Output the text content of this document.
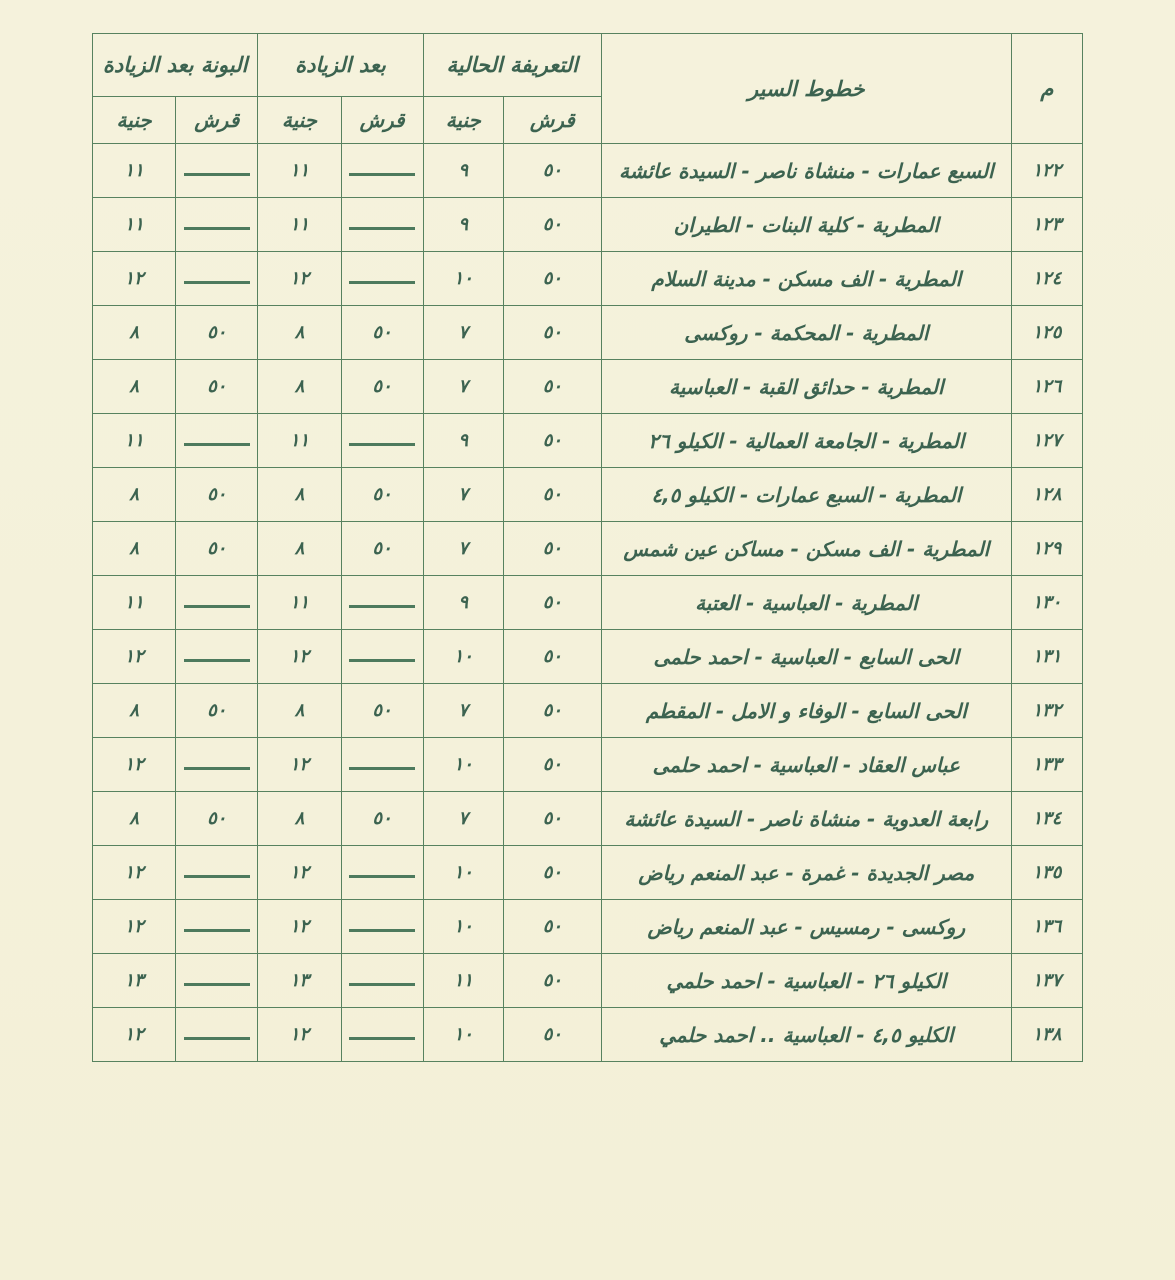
م	خطوط السير	التعريفة الحالية		بعد الزيادة		البونة بعد الزيادة	
		قرش	جنية	قرش	جنية	قرش	جنية
١٢٢	السبع عمارات - منشاة ناصر - السيدة عائشة	٥٠	٩		١١		١١
١٢٣	المطرية - كلية البنات - الطيران	٥٠	٩		١١		١١
١٢٤	المطرية - الف مسكن - مدينة السلام	٥٠	١٠		١٢		١٢
١٢٥	المطرية - المحكمة - روكسى	٥٠	٧	٥٠	٨	٥٠	٨
١٢٦	المطرية - حدائق القبة - العباسية	٥٠	٧	٥٠	٨	٥٠	٨
١٢٧	المطرية - الجامعة العمالية - الكيلو ٢٦	٥٠	٩		١١		١١
١٢٨	المطرية - السبع عمارات - الكيلو ٤,٥	٥٠	٧	٥٠	٨	٥٠	٨
١٢٩	المطرية - الف مسكن - مساكن عين شمس	٥٠	٧	٥٠	٨	٥٠	٨
١٣٠	المطرية - العباسية - العتبة	٥٠	٩		١١		١١
١٣١	الحى السابع - العباسية - احمد حلمى	٥٠	١٠		١٢		١٢
١٣٢	الحى السابع - الوفاء و الامل - المقطم	٥٠	٧	٥٠	٨	٥٠	٨
١٣٣	عباس العقاد - العباسية - احمد حلمى	٥٠	١٠		١٢		١٢
١٣٤	رابعة العدوية - منشاة ناصر - السيدة عائشة	٥٠	٧	٥٠	٨	٥٠	٨
١٣٥	مصر الجديدة - غمرة - عبد المنعم رياض	٥٠	١٠		١٢		١٢
١٣٦	روكسى - رمسيس - عبد المنعم رياض	٥٠	١٠		١٢		١٢
١٣٧	الكيلو ٢٦ - العباسية - احمد حلمي	٥٠	١١		١٣		١٣
١٣٨	الكليو ٤,٥ - العباسية .. احمد حلمي	٥٠	١٠		١٢		١٢
